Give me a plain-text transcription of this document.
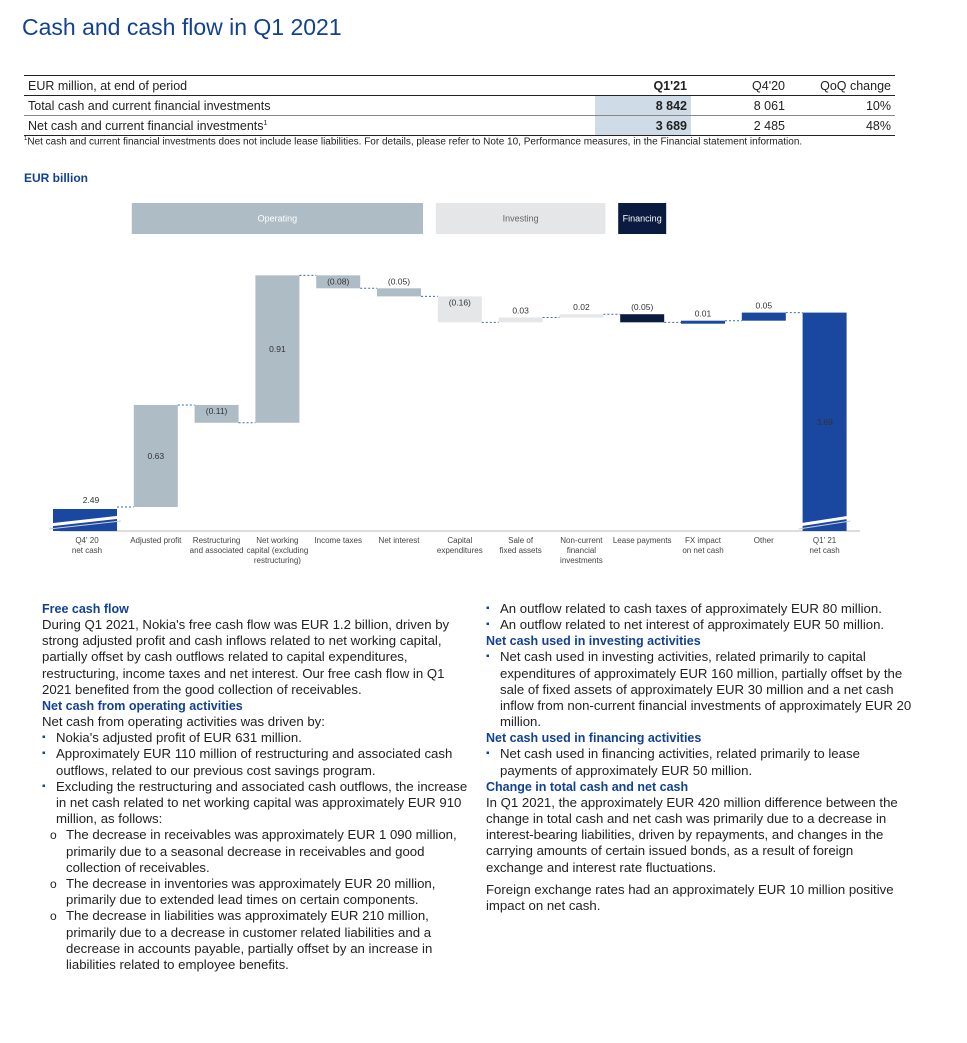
Cash and cash flow in Q1 2021
EUR million, at end of period	Q1'21	Q4'20	QoQ change
Total cash and current financial investments	8 842	8 061	10%
Net cash and current financial investments$^1$	3 689	2 485	48%
$^1$Net cash and current financial investments does not include lease liabilities. For details, please refer to Note 10, Performance measures, in the Financial statement information.
EUR billion
Operating	Investing	Financing
2.49
Q4' 20
net cash
0.63
Adjusted profit
(0.11)
Restructuring
and associated
0.91
Net working
capital (excluding
restructuring)
(0.08)
Income taxes
(0.05)
Net interest
(0.16)
Capital
expenditures
0.03
Sale of
fixed assets
0.02
Non-current
financial
investments
(0.05)
Lease payments
0.01
FX impact
on net cash
0.05
Other
3.69
Q1' 21
net cash
Free cash flow

During Q1 2021, Nokia's free cash flow was EUR 1.2 billion, driven by strong adjusted profit and cash inflows related to net working capital, partially offset by cash outflows related to capital expenditures, restructuring, income taxes and net interest. Our free cash flow in Q1 2021 benefited from the good collection of receivables.

Net cash from operating activities

Net cash from operating activities was driven by:

▪ Nokia's adjusted profit of EUR 631 million.
▪ Approximately EUR 110 million of restructuring and associated cash outflows, related to our previous cost savings program.
▪ Excluding the restructuring and associated cash outflows, the increase in net cash related to net working capital was approximately EUR 910 million, as follows:
o The decrease in receivables was approximately EUR 1 090 million, primarily due to a seasonal decrease in receivables and good collection of receivables.
o The decrease in inventories was approximately EUR 20 million, primarily due to extended lead times on certain components.
o The decrease in liabilities was approximately EUR 210 million, primarily due to a decrease in customer related liabilities and a decrease in accounts payable, partially offset by an increase in liabilities related to employee benefits.
▪ An outflow related to cash taxes of approximately EUR 80 million.
▪ An outflow related to net interest of approximately EUR 50 million.
Net cash used in investing activities
▪ Net cash used in investing activities, related primarily to capital expenditures of approximately EUR 160 million, partially offset by the sale of fixed assets of approximately EUR 30 million and a net cash inflow from non-current financial investments of approximately EUR 20 million.
Net cash used in financing activities
▪ Net cash used in financing activities, related primarily to lease payments of approximately EUR 50 million.
Change in total cash and net cash

In Q1 2021, the approximately EUR 420 million difference between the change in total cash and net cash was primarily due to a decrease in interest-bearing liabilities, driven by repayments, and changes in the carrying amounts of certain issued bonds, as a result of foreign exchange and interest rate fluctuations.

Foreign exchange rates had an approximately EUR 10 million positive impact on net cash.
